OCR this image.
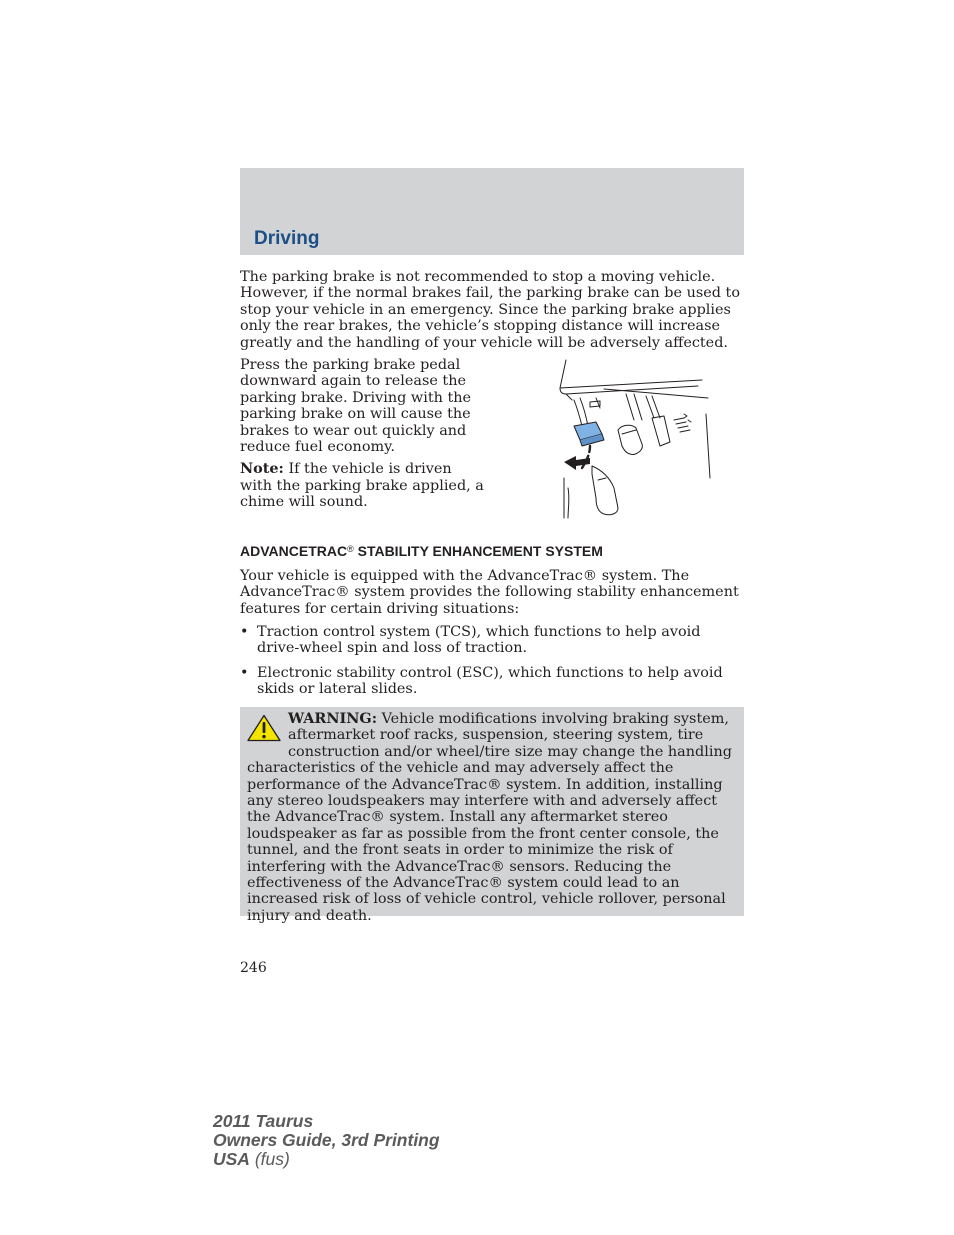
Driving

The parking brake is not recommended to stop a moving vehicle. However, if the normal brakes fail, the parking brake can be used to stop your vehicle in an emergency. Since the parking brake applies only the rear brakes, the vehicle’s stopping distance will increase greatly and the handling of your vehicle will be adversely affected.

Press the parking brake pedal downward again to release the parking brake. Driving with the parking brake on will cause the brakes to wear out quickly and reduce fuel economy.

Note: If the vehicle is driven with the parking brake applied, a chime will sound.

ADVANCETRAC® STABILITY ENHANCEMENT SYSTEM

Your vehicle is equipped with the AdvanceTrac® system. The AdvanceTrac® system provides the following stability enhancement features for certain driving situations:

• Traction control system (TCS), which functions to help avoid drive-wheel spin and loss of traction.
• Electronic stability control (ESC), which functions to help avoid skids or lateral slides.

WARNING: Vehicle modifications involving braking system, aftermarket roof racks, suspension, steering system, tire construction and/or wheel/tire size may change the handling characteristics of the vehicle and may adversely affect the performance of the AdvanceTrac® system. In addition, installing any stereo loudspeakers may interfere with and adversely affect the AdvanceTrac® system. Install any aftermarket stereo loudspeaker as far as possible from the front center console, the tunnel, and the front seats in order to minimize the risk of interfering with the AdvanceTrac® sensors. Reducing the effectiveness of the AdvanceTrac® system could lead to an increased risk of loss of vehicle control, vehicle rollover, personal injury and death.

246

2011 Taurus
Owners Guide, 3rd Printing
USA (fus)
